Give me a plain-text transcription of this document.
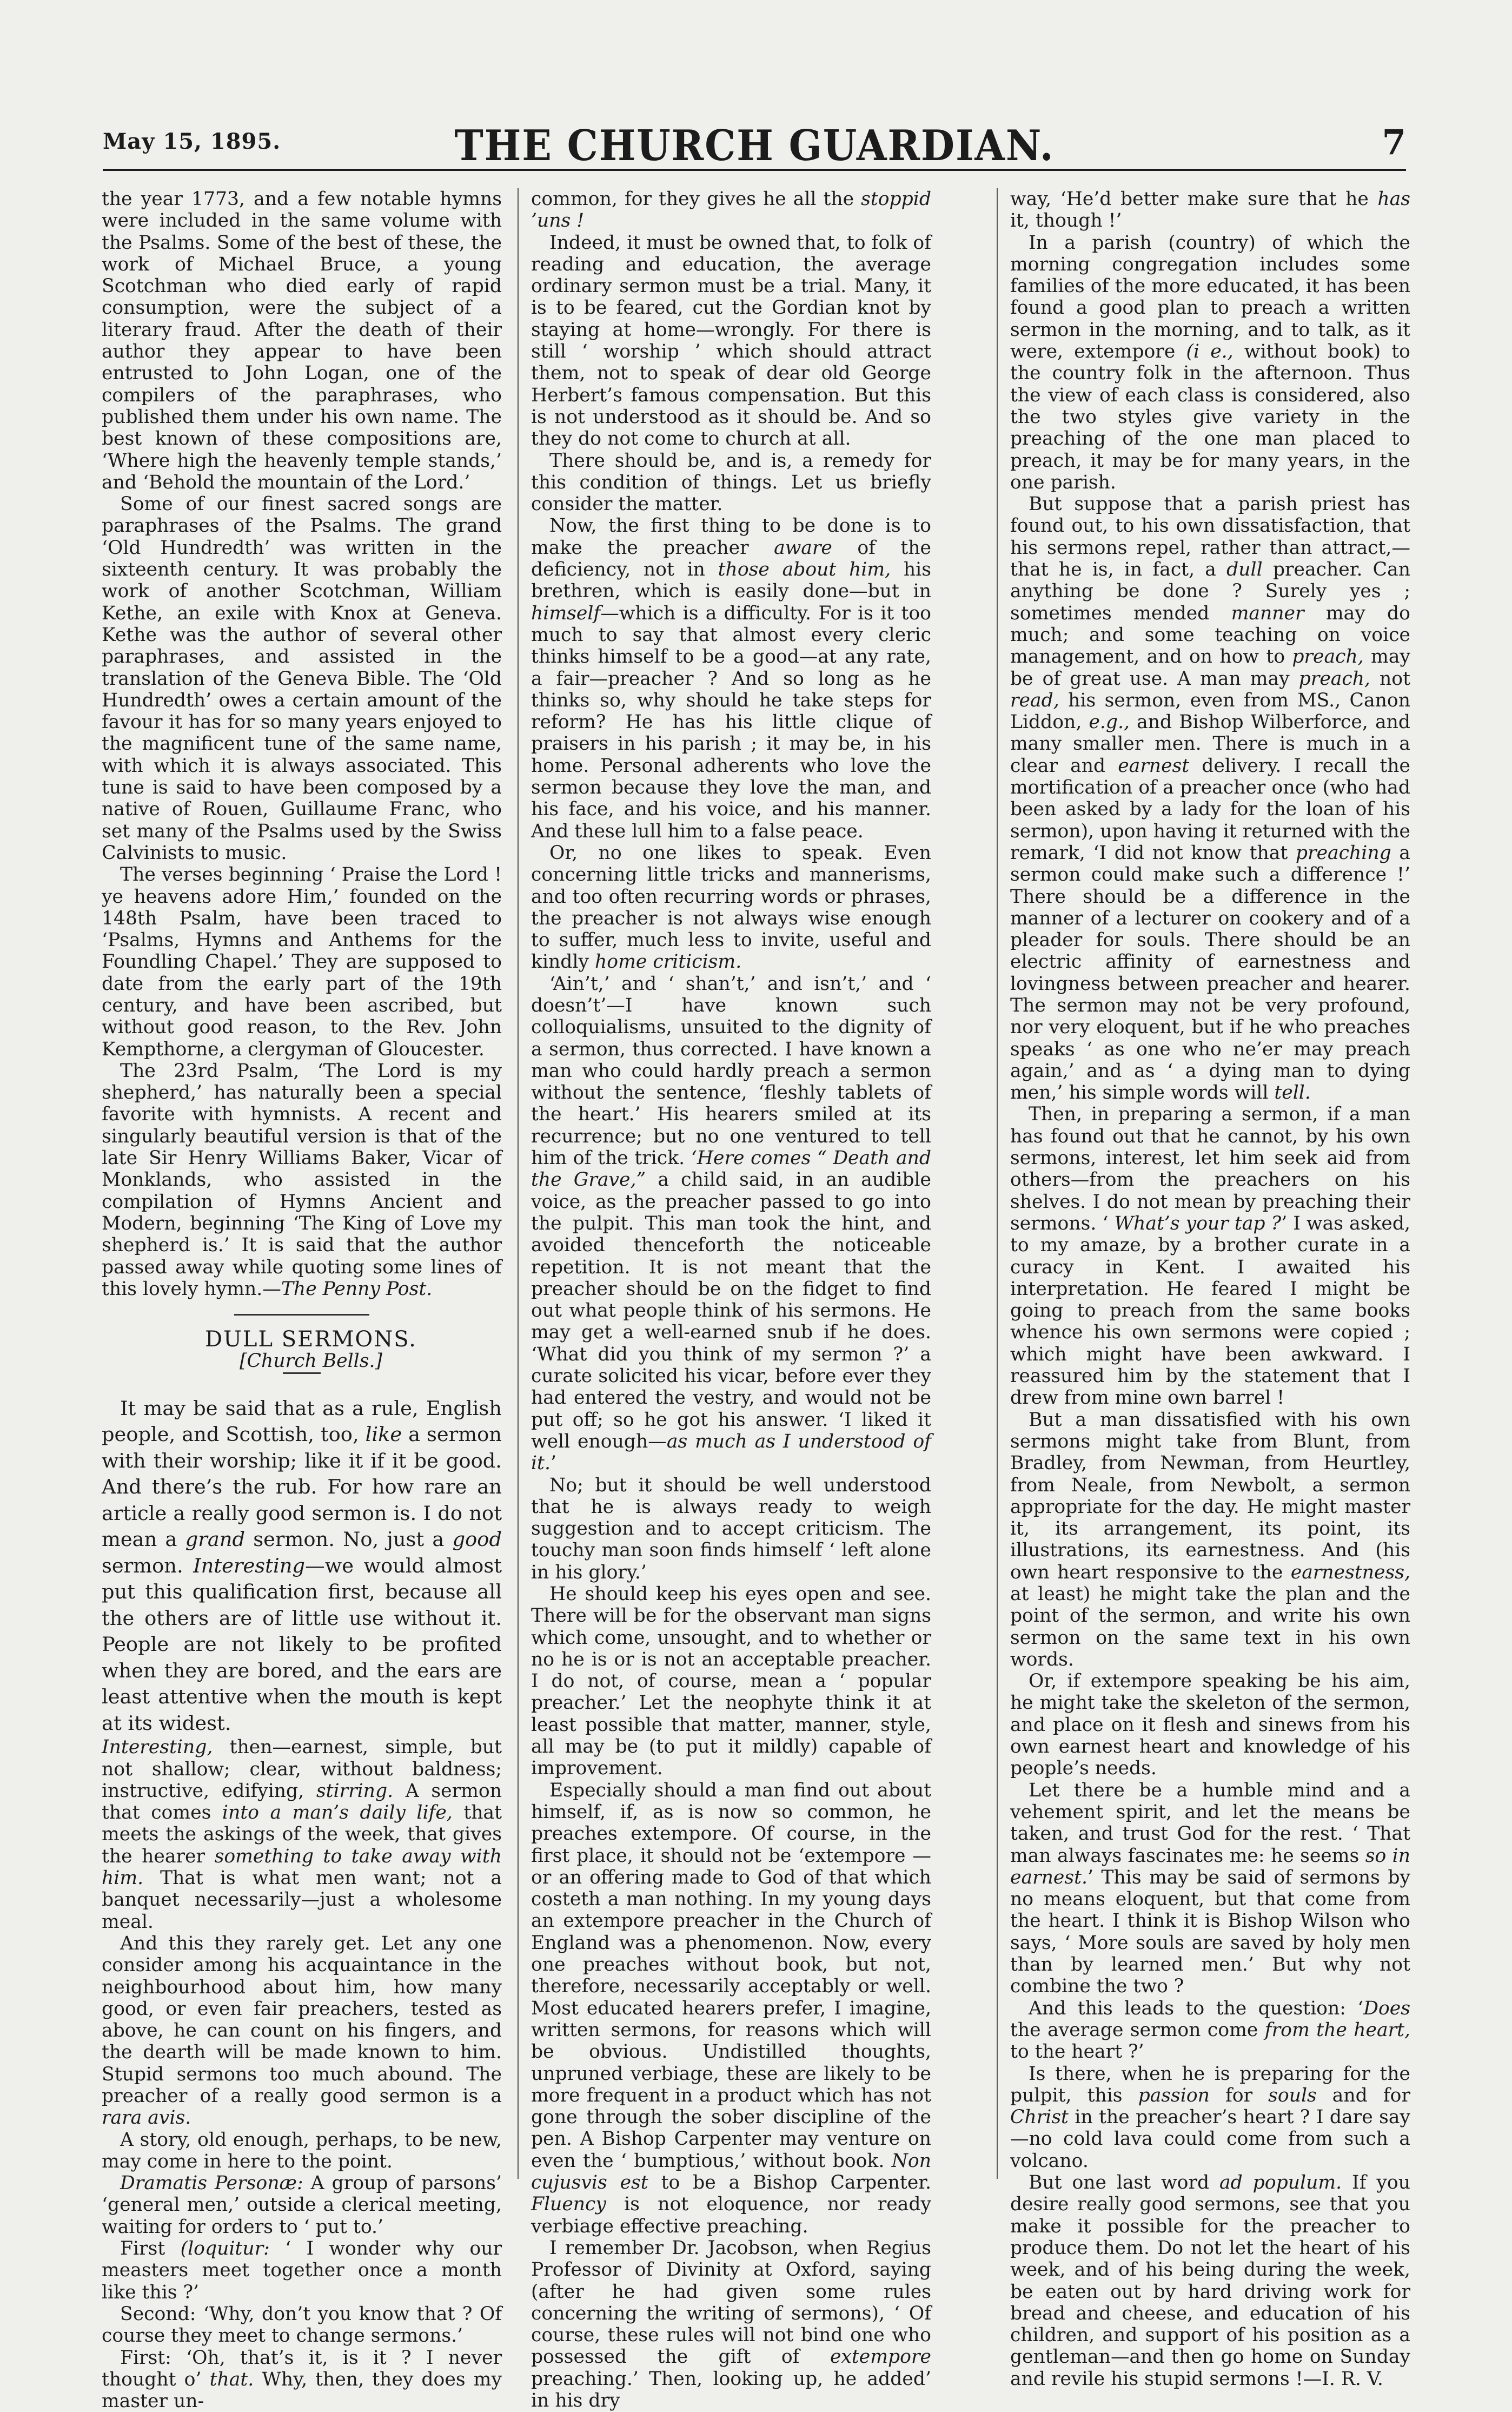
May 15, 1895.	THE CHURCH GUARDIAN.	7

the year 1773, and a few notable hymns were included in the same volume with the Psalms. Some of the best of these, the work of Michael Bruce, a young Scotchman who died early of rapid consumption, were the subject of a literary fraud. After the death of their author they appear to have been entrusted to John Logan, one of the compilers of the paraphrases, who published them under his own name. The best known of these compositions are, ‘Where high the heavenly temple stands,’ and ‘Behold the mountain of the Lord.’

Some of our finest sacred songs are paraphrases of the Psalms. The grand ‘Old Hundredth’ was written in the sixteenth century. It was probably the work of another Scotchman, William Kethe, an exile with Knox at Geneva. Kethe was the author of several other paraphrases, and assisted in the translation of the Geneva Bible. The ‘Old Hundredth’ owes a certain amount of the favour it has for so many years enjoyed to the magnificent tune of the same name, with which it is always associated. This tune is said to have been composed by a native of Rouen, Guillaume Franc, who set many of the Psalms used by the Swiss Calvinists to music.

The verses beginning ‘ Praise the Lord ! ye heavens adore Him,’ founded on the 148th Psalm, have been traced to ‘Psalms, Hymns and Anthems for the Foundling Chapel.’ They are supposed to date from the early part of the 19th century, and have been ascribed, but without good reason, to the Rev. John Kempthorne, a clergyman of Gloucester.

The 23rd Psalm, ‘The Lord is my shepherd,’ has naturally been a special favorite with hymnists. A recent and singularly beautiful version is that of the late Sir Henry Williams Baker, Vicar of Monklands, who assisted in the compilation of Hymns Ancient and Modern, beginning ‘The King of Love my shepherd is.’ It is said that the author passed away while quoting some lines of this lovely hymn.—The Penny Post.

DULL SERMONS.

[Church Bells.]

It may be said that as a rule, English people, and Scottish, too, like a sermon with their worship; like it if it be good. And there’s the rub. For how rare an article a really good sermon is. I do not mean a grand sermon. No, just a good sermon. Interesting—we would almost put this qualification first, because all the others are of little use without it. People are not likely to be profited when they are bored, and the ears are least attentive when the mouth is kept at its widest.

Interesting, then—earnest, simple, but not shallow; clear, without baldness; instructive, edifying, stirring. A sermon that comes into a man’s daily life, that meets the askings of the week, that gives the hearer something to take away with him. That is what men want; not a banquet necessarily—just a wholesome meal.

And this they rarely get. Let any one consider among his acquaintance in the neighbourhood about him, how many good, or even fair preachers, tested as above, he can count on his fingers, and the dearth will be made known to him. Stupid sermons too much abound. The preacher of a really good sermon is a rara avis.

A story, old enough, perhaps, to be new, may come in here to the point.

Dramatis Personæ: A group of parsons’ ‘general men,’ outside a clerical meeting, waiting for orders to ‘ put to.’

First (loquitur: ‘ I wonder why our measters meet together once a month like this ?’

Second: ‘Why, don’t you know that ? Of course they meet to change sermons.’

First: ‘Oh, that’s it, is it ? I never thought o’ that. Why, then, they does my master un-

common, for they gives he all the stoppid ’uns !

Indeed, it must be owned that, to folk of reading and education, the average ordinary sermon must be a trial. Many, it is to be feared, cut the Gordian knot by staying at home—wrongly. For there is still ‘ worship ’ which should attract them, not to speak of dear old George Herbert’s famous compensation. But this is not understood as it should be. And so they do not come to church at all.

There should be, and is, a remedy for this condition of things. Let us briefly consider the matter.

Now, the first thing to be done is to make the preacher aware of the deficiency, not in those about him, his brethren, which is easily done—but in himself—which is a difficulty. For is it too much to say that almost every cleric thinks himself to be a good—at any rate, a fair—preacher ? And so long as he thinks so, why should he take steps for reform? He has his little clique of praisers in his parish ; it may be, in his home. Personal adherents who love the sermon because they love the man, and his face, and his voice, and his manner. And these lull him to a false peace.

Or, no one likes to speak. Even concerning little tricks and mannerisms, and too often recurring words or phrases, the preacher is not always wise enough to suffer, much less to invite, useful and kindly home criticism.

‘Ain’t,’ and ‘ shan’t,’ and isn’t,’ and ‘ doesn’t’—I have known such colloquialisms, unsuited to the dignity of a sermon, thus corrected. I have known a man who could hardly preach a sermon without the sentence, ‘fleshly tablets of the heart.’ His hearers smiled at its recurrence; but no one ventured to tell him of the trick. ‘Here comes “ Death and the Grave,” a child said, in an audible voice, as the preacher passed to go into the pulpit. This man took the hint, and avoided thenceforth the noticeable repetition. It is not meant that the preacher should be on the fidget to find out what people think of his sermons. He may get a well-earned snub if he does. ‘What did you think of my sermon ?’ a curate solicited his vicar, before ever they had entered the vestry, and would not be put off; so he got his answer. ‘I liked it well enough—as much as I understood of it.’

No; but it should be well understood that he is always ready to weigh suggestion and to accept criticism. The touchy man soon finds himself ‘ left alone in his glory.’

He should keep his eyes open and see. There will be for the observant man signs which come, unsought, and to whether or no he is or is not an acceptable preacher. I do not, of course, mean a ‘ popular preacher.’ Let the neophyte think it at least possible that matter, manner, style, all may be (to put it mildly) capable of improvement.

Especially should a man find out about himself, if, as is now so common, he preaches extempore. Of course, in the first place, it should not be ‘extempore —or an offering made to God of that which costeth a man nothing. In my young days an extempore preacher in the Church of England was a phenomenon. Now, every one preaches without book, but not, therefore, necessarily acceptably or well. Most educated hearers prefer, I imagine, written sermons, for reasons which will be obvious. Undistilled thoughts, unpruned verbiage, these are likely to be more frequent in a product which has not gone through the sober discipline of the pen. A Bishop Carpenter may venture on even the ‘ bumptious,’ without book. Non cujusvis est to be a Bishop Carpenter. Fluency is not eloquence, nor ready verbiage effective preaching.

I remember Dr. Jacobson, when Regius Professor of Divinity at Oxford, saying (after he had given some rules concerning the writing of sermons), ‘ Of course, these rules will not bind one who possessed the gift of extempore preaching.’ Then, looking up, he added’ in his dry

way, ‘He’d better make sure that he has it, though !’

In a parish (country) of which the morning congregation includes some families of the more educated, it has been found a good plan to preach a written sermon in the morning, and to talk, as it were, extempore (i e., without book) to the country folk in the afternoon. Thus the view of each class is considered, also the two styles give variety in the preaching of the one man placed to preach, it may be for many years, in the one parish.

But suppose that a parish priest has found out, to his own dissatisfaction, that his sermons repel, rather than attract,—that he is, in fact, a dull preacher. Can anything be done ? Surely yes ; sometimes mended manner may do much; and some teaching on voice management, and on how to preach, may be of great use. A man may preach, not read, his sermon, even from MS., Canon Liddon, e.g., and Bishop Wilberforce, and many smaller men. There is much in a clear and earnest delivery. I recall the mortification of a preacher once (who had been asked by a lady for the loan of his sermon), upon having it returned with the remark, ‘I did not know that preaching a sermon could make such a difference !’ There should be a difference in the manner of a lecturer on cookery and of a pleader for souls. There should be an electric affinity of earnestness and lovingness between preacher and hearer. The sermon may not be very profound, nor very eloquent, but if he who preaches speaks ‘ as one who ne’er may preach again,’ and as ‘ a dying man to dying men,’ his simple words will tell.

Then, in preparing a sermon, if a man has found out that he cannot, by his own sermons, interest, let him seek aid from others—from the preachers on his shelves. I do not mean by preaching their sermons. ‘ What’s your tap ?’ I was asked, to my amaze, by a brother curate in a curacy in Kent. I awaited his interpretation. He feared I might be going to preach from the same books whence his own sermons were copied ; which might have been awkward. I reassured him by the statement that I drew from mine own barrel !

But a man dissatisfied with his own sermons might take from Blunt, from Bradley, from Newman, from Heurtley, from Neale, from Newbolt, a sermon appropriate for the day. He might master it, its arrangement, its point, its illustrations, its earnestness. And (his own heart responsive to the earnestness, at least) he might take the plan and the point of the sermon, and write his own sermon on the same text in his own words.

Or, if extempore speaking be his aim, he might take the skeleton of the sermon, and place on it flesh and sinews from his own earnest heart and knowledge of his people’s needs.

Let there be a humble mind and a vehement spirit, and let the means be taken, and trust God for the rest. ‘ That man always fascinates me: he seems so in earnest.’ This may be said of sermons by no means eloquent, but that come from the heart. I think it is Bishop Wilson who says, ‘ More souls are saved by holy men than by learned men.’ But why not combine the two ?

And this leads to the question: ‘Does the average sermon come from the heart, to the heart ?’

Is there, when he is preparing for the pulpit, this passion for souls and for Christ in the preacher’s heart ? I dare say—no cold lava could come from such a volcano.

But one last word ad populum. If you desire really good sermons, see that you make it possible for the preacher to produce them. Do not let the heart of his week, and of his being during the week, be eaten out by hard driving work for bread and cheese, and education of his children, and support of his position as a gentleman—and then go home on Sunday and revile his stupid sermons !—I. R. V.
